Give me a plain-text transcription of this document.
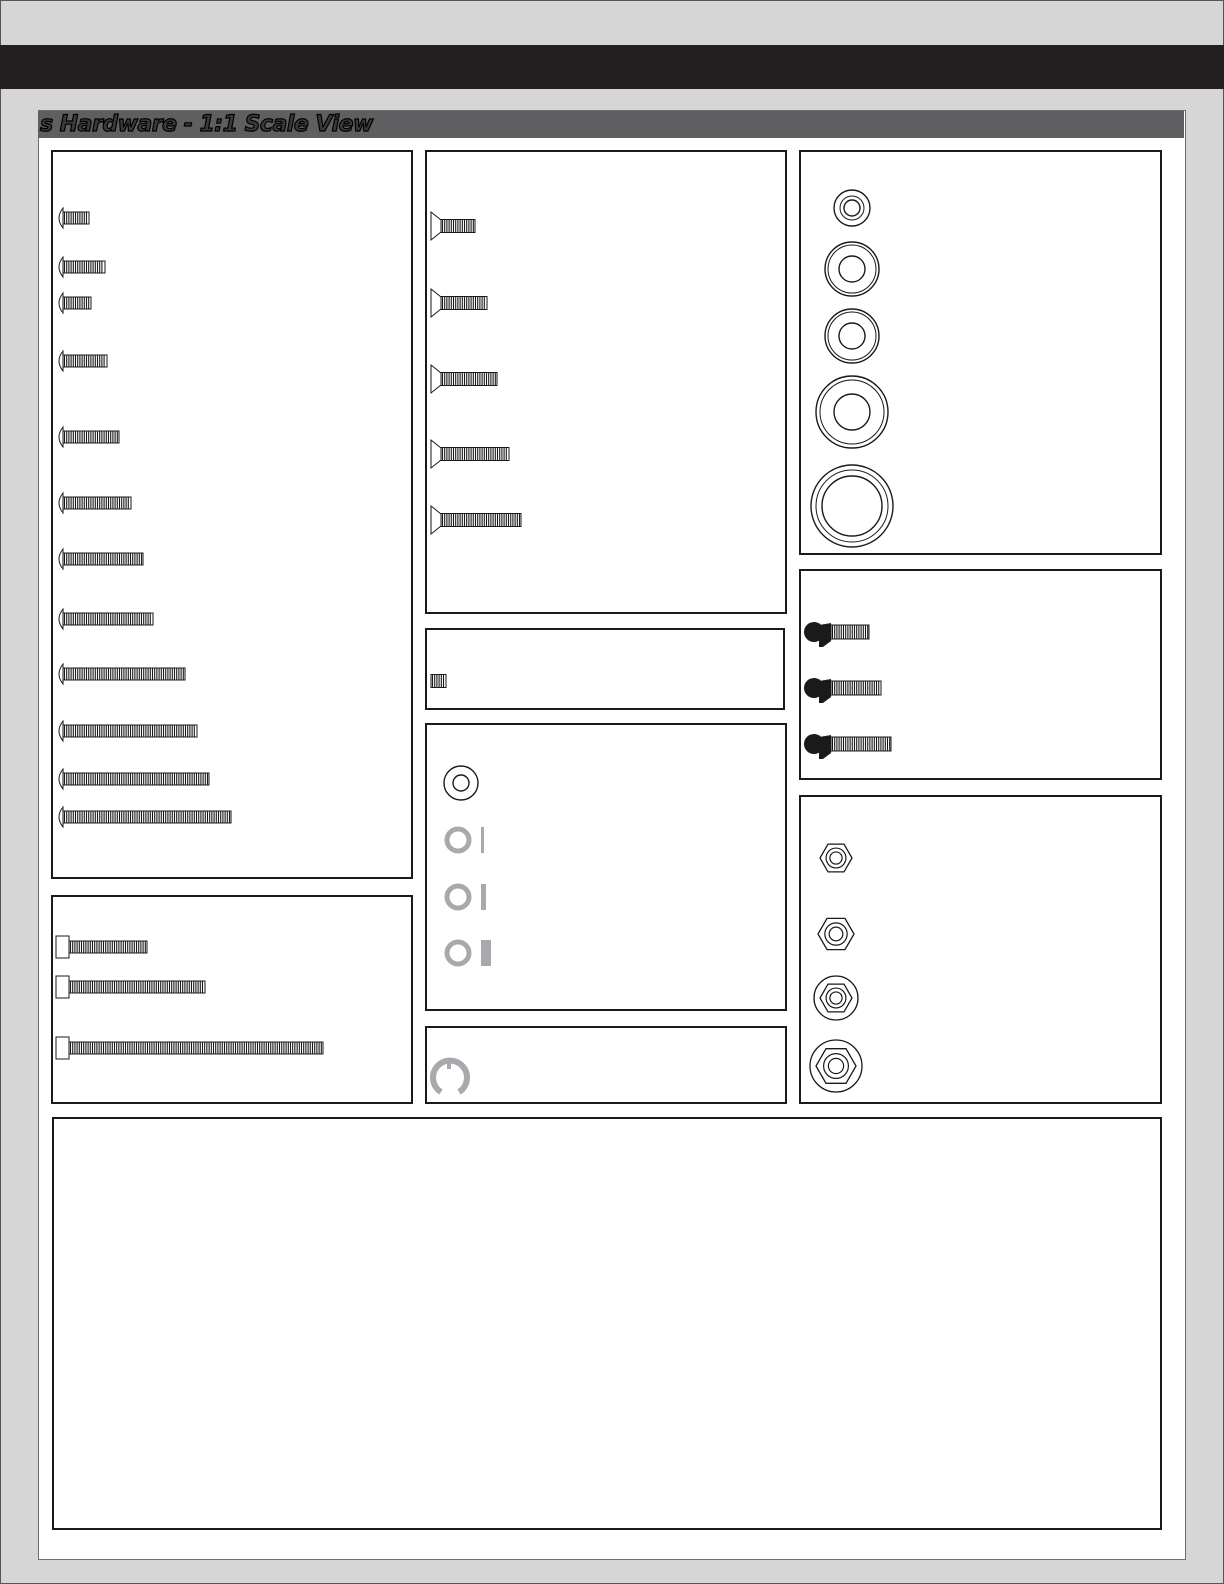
s Hardware - 1:1 Scale View
